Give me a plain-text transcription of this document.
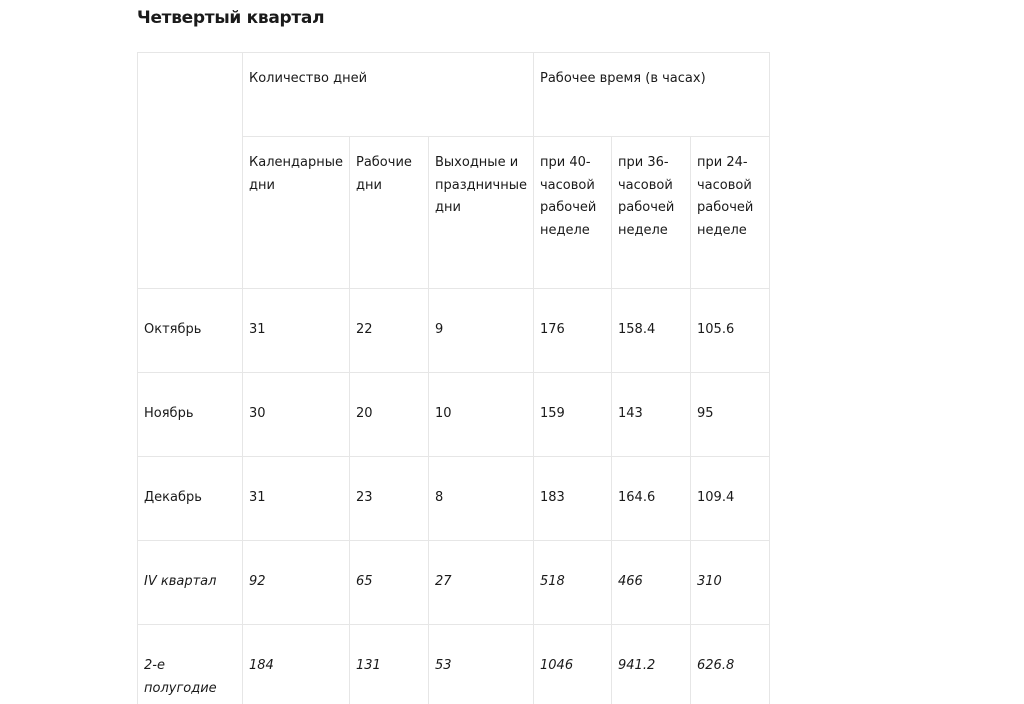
Четвертый квартал
	Количество дней			Рабочее время (в часах)		
	Календарные дни	Рабочие дни	Выходные и праздничные дни	при 40-часовой рабочей неделе	при 36-часовой рабочей неделе	при 24-часовой рабочей неделе
Октябрь	31	22	9	176	158.4	105.6
Ноябрь	30	20	10	159	143	95
Декабрь	31	23	8	183	164.6	109.4
IV квартал	92	65	27	518	466	310
2-е полугодие	184	131	53	1046	941.2	626.8
